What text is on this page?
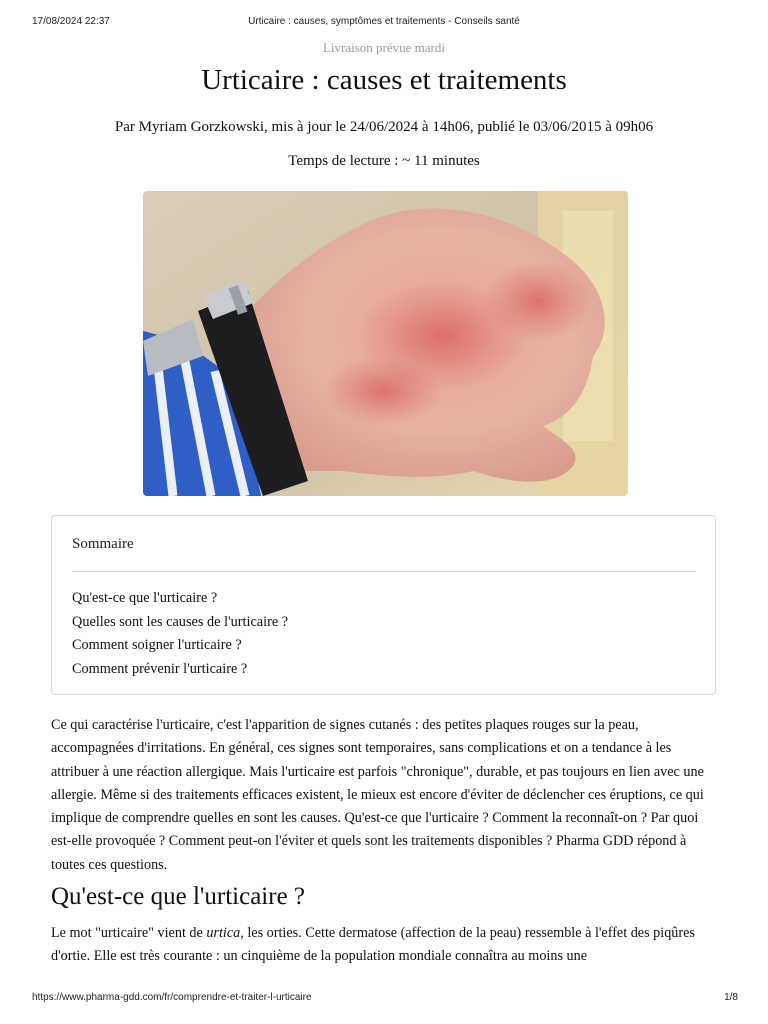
17/08/2024 22:37	Urticaire : causes, symptômes et traitements - Conseils santé
Livraison prévue mardi
Urticaire : causes et traitements
Par Myriam Gorzkowski, mis à jour le 24/06/2024 à 14h06, publié le 03/06/2015 à 09h06
Temps de lecture : ~ 11 minutes
Sommaire
Qu'est-ce que l'urticaire ?
Quelles sont les causes de l'urticaire ?
Comment soigner l'urticaire ?
Comment prévenir l'urticaire ?

Ce qui caractérise l'urticaire, c'est l'apparition de signes cutanés : des petites plaques rouges sur la peau, accompagnées d'irritations. En général, ces signes sont temporaires, sans complications et on a tendance à les attribuer à une réaction allergique. Mais l'urticaire est parfois "chronique", durable, et pas toujours en lien avec une allergie. Même si des traitements efficaces existent, le mieux est encore d'éviter de déclencher ces éruptions, ce qui implique de comprendre quelles en sont les causes. Qu'est-ce que l'urticaire ? Comment la reconnaît-on ? Par quoi est-elle provoquée ? Comment peut-on l'éviter et quels sont les traitements disponibles ? Pharma GDD répond à toutes ces questions.

Qu'est-ce que l'urticaire ?

Le mot "urticaire" vient de urtica, les orties. Cette dermatose (affection de la peau) ressemble à l'effet des piqûres d'ortie. Elle est très courante : un cinquième de la population mondiale connaîtra au moins une

https://www.pharma-gdd.com/fr/comprendre-et-traiter-l-urticaire	1/8
